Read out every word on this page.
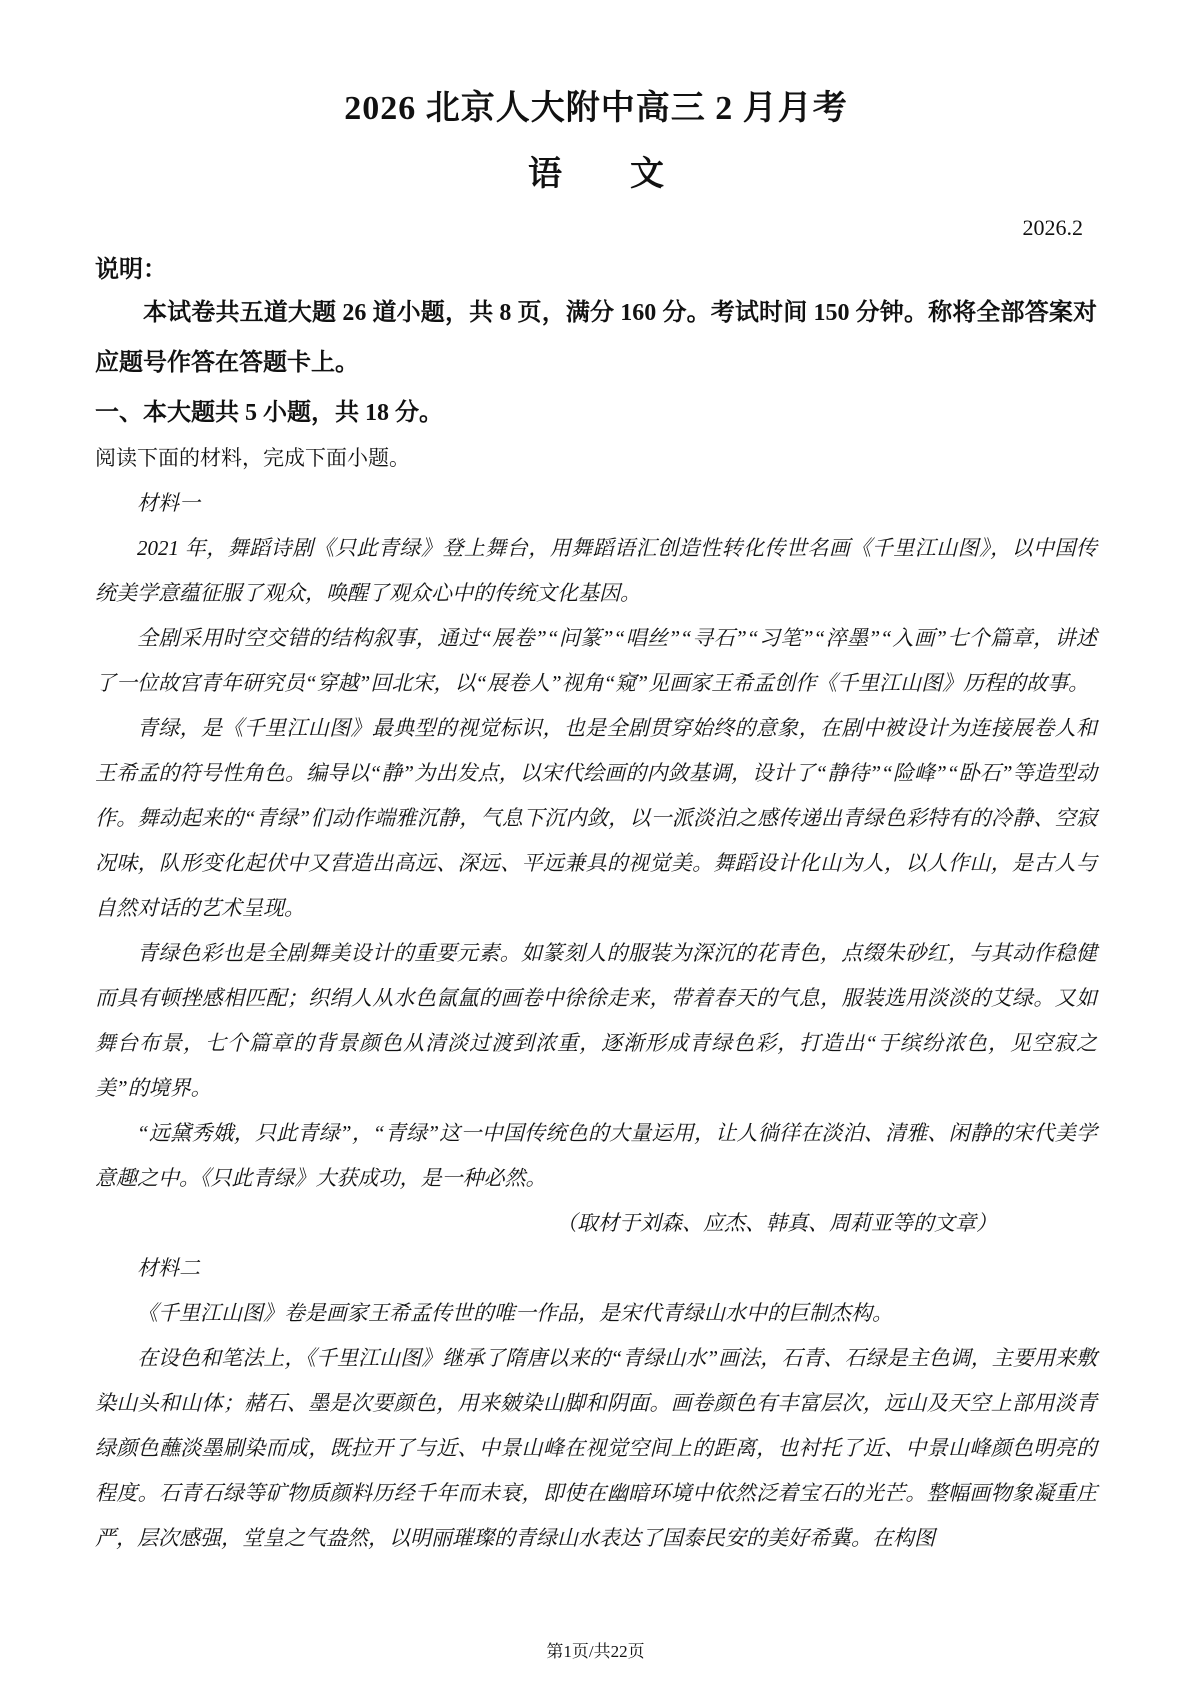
2026 北京人大附中高三 2 月月考
语　　文
2026.2
说明：

本试卷共五道大题 26 道小题，共 8 页，满分 160 分。考试时间 150 分钟。称将全部答案对应题号作答在答题卡上。

一、本大题共 5 小题，共 18 分。

阅读下面的材料，完成下面小题。

材料一

2021 年，舞蹈诗剧《只此青绿》登上舞台，用舞蹈语汇创造性转化传世名画《千里江山图》，以中国传统美学意蕴征服了观众，唤醒了观众心中的传统文化基因。

全剧采用时空交错的结构叙事，通过“展卷”“问篆”“唱丝”“寻石”“习笔”“淬墨”“入画”七个篇章，讲述了一位故宫青年研究员“穿越”回北宋，以“展卷人”视角“窥”见画家王希孟创作《千里江山图》历程的故事。

青绿，是《千里江山图》最典型的视觉标识，也是全剧贯穿始终的意象，在剧中被设计为连接展卷人和王希孟的符号性角色。编导以“静”为出发点，以宋代绘画的内敛基调，设计了“静待”“险峰”“卧石”等造型动作。舞动起来的“青绿”们动作端雅沉静，气息下沉内敛，以一派淡泊之感传递出青绿色彩特有的冷静、空寂况味，队形变化起伏中又营造出高远、深远、平远兼具的视觉美。舞蹈设计化山为人，以人作山，是古人与自然对话的艺术呈现。

青绿色彩也是全剧舞美设计的重要元素。如篆刻人的服装为深沉的花青色，点缀朱砂红，与其动作稳健而具有顿挫感相匹配；织绢人从水色氤氲的画卷中徐徐走来，带着春天的气息，服装选用淡淡的艾绿。又如舞台布景，七个篇章的背景颜色从清淡过渡到浓重，逐渐形成青绿色彩，打造出“于缤纷浓色，见空寂之美”的境界。

“远黛秀娥，只此青绿”，“青绿”这一中国传统色的大量运用，让人徜徉在淡泊、清雅、闲静的宋代美学意趣之中。《只此青绿》大获成功，是一种必然。

（取材于刘森、应杰、韩真、周莉亚等的文章）

材料二

《千里江山图》卷是画家王希孟传世的唯一作品，是宋代青绿山水中的巨制杰构。

在设色和笔法上，《千里江山图》继承了隋唐以来的“青绿山水”画法，石青、石绿是主色调，主要用来敷染山头和山体；赭石、墨是次要颜色，用来皴染山脚和阴面。画卷颜色有丰富层次，远山及天空上部用淡青绿颜色蘸淡墨刷染而成，既拉开了与近、中景山峰在视觉空间上的距离，也衬托了近、中景山峰颜色明亮的程度。石青石绿等矿物质颜料历经千年而未衰，即使在幽暗环境中依然泛着宝石的光芒。整幅画物象凝重庄严，层次感强，堂皇之气盎然，以明丽璀璨的青绿山水表达了国泰民安的美好希冀。在构图

第1页/共22页
